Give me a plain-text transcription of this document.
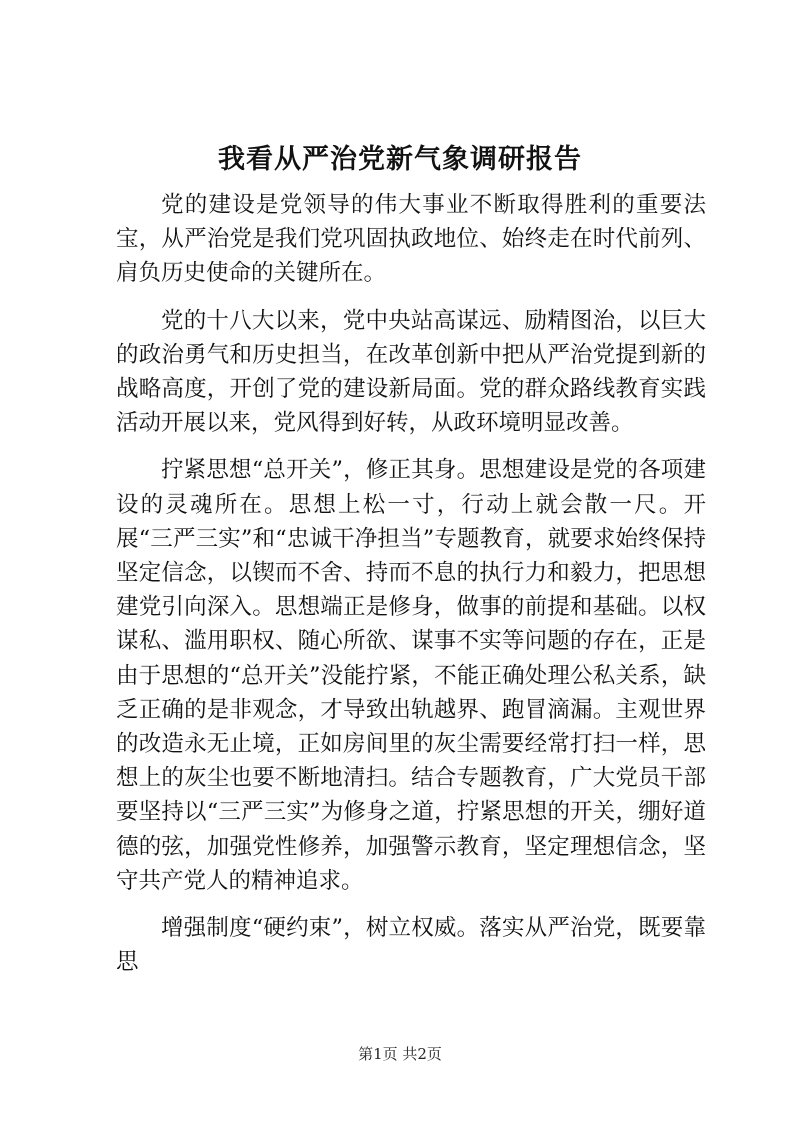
我看从严治党新气象调研报告

党的建设是党领导的伟大事业不断取得胜利的重要法宝，从严治党是我们党巩固执政地位、始终走在时代前列、肩负历史使命的关键所在。

党的十八大以来，党中央站高谋远、励精图治，以巨大的政治勇气和历史担当，在改革创新中把从严治党提到新的战略高度，开创了党的建设新局面。党的群众路线教育实践活动开展以来，党风得到好转，从政环境明显改善。

拧紧思想“总开关”，修正其身。思想建设是党的各项建设的灵魂所在。思想上松一寸，行动上就会散一尺。开展“三严三实”和“忠诚干净担当”专题教育，就要求始终保持坚定信念，以锲而不舍、持而不息的执行力和毅力，把思想建党引向深入。思想端正是修身，做事的前提和基础。以权谋私、滥用职权、随心所欲、谋事不实等问题的存在，正是由于思想的“总开关”没能拧紧，不能正确处理公私关系，缺乏正确的是非观念，才导致出轨越界、跑冒滴漏。主观世界的改造永无止境，正如房间里的灰尘需要经常打扫一样，思想上的灰尘也要不断地清扫。结合专题教育，广大党员干部要坚持以“三严三实”为修身之道，拧紧思想的开关，绷好道德的弦，加强党性修养，加强警示教育，坚定理想信念，坚守共产党人的精神追求。

增强制度“硬约束”，树立权威。落实从严治党，既要靠思

第1页 共2页
